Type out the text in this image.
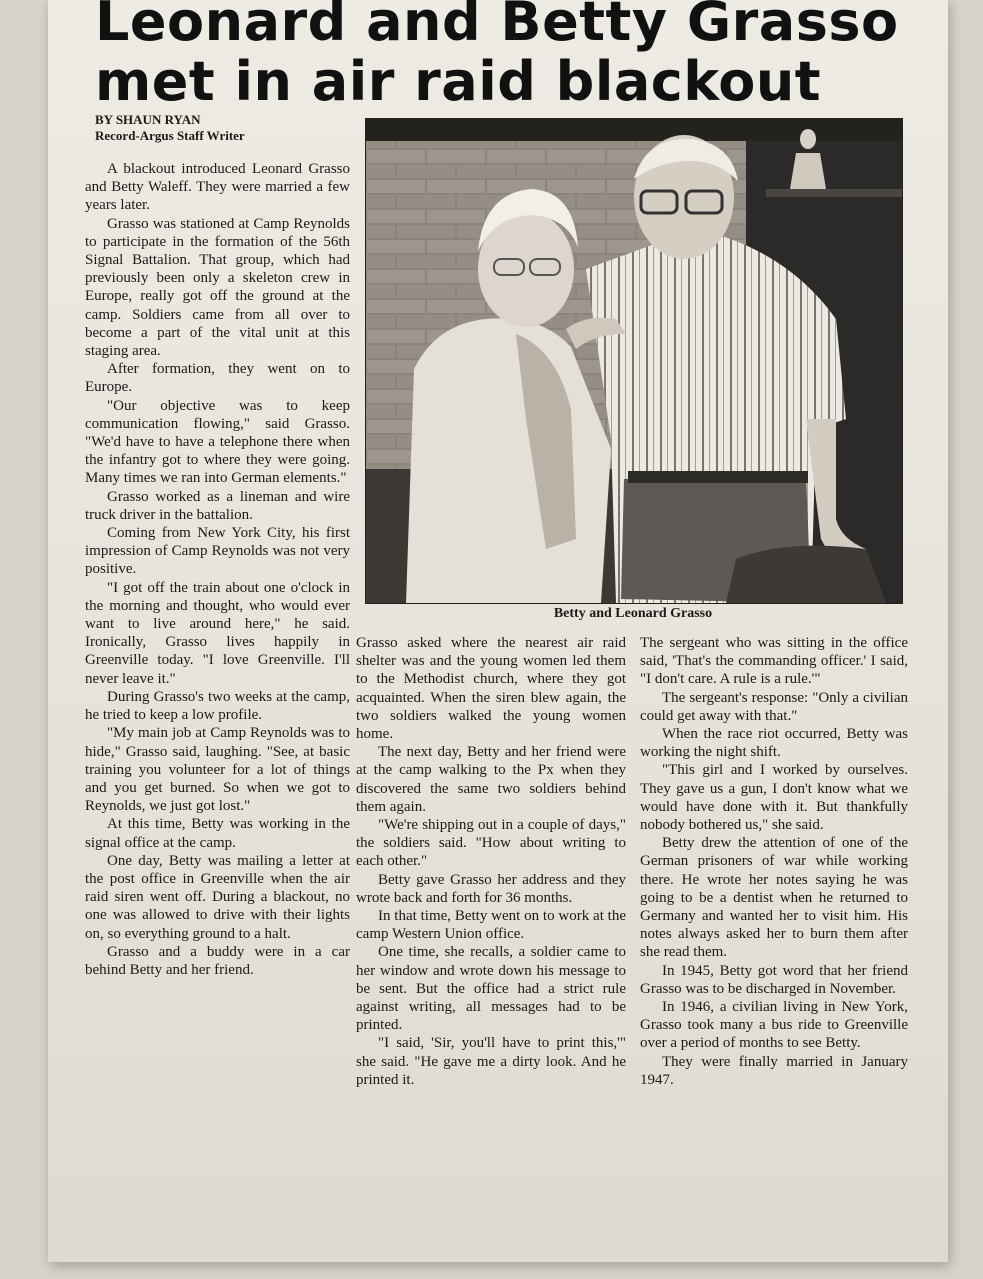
Leonard and Betty Grasso
met in air raid blackout
BY SHAUN RYAN
Record-Argus Staff Writer
Betty and Leonard Grasso

A blackout introduced Leonard Grasso and Betty Waleff. They were married a few years later.

Grasso was stationed at Camp Reynolds to participate in the formation of the 56th Signal Battalion. That group, which had previously been only a skeleton crew in Europe, really got off the ground at the camp. Soldiers came from all over to become a part of the vital unit at this staging area.

After formation, they went on to Europe.

"Our objective was to keep communication flowing," said Grasso. "We'd have to have a telephone there when the infantry got to where they were going. Many times we ran into German elements."

Grasso worked as a lineman and wire truck driver in the battalion.

Coming from New York City, his first impression of Camp Reynolds was not very positive.

"I got off the train about one o'clock in the morning and thought, who would ever want to live around here," he said. Ironically, Grasso lives happily in Greenville today. "I love Greenville. I'll never leave it."

During Grasso's two weeks at the camp, he tried to keep a low profile.

"My main job at Camp Reynolds was to hide," Grasso said, laughing. "See, at basic training you volunteer for a lot of things and you get burned. So when we got to Reynolds, we just got lost."

At this time, Betty was working in the signal office at the camp.

One day, Betty was mailing a letter at the post office in Greenville when the air raid siren went off. During a blackout, no one was allowed to drive with their lights on, so everything ground to a halt.

Grasso and a buddy were in a car behind Betty and her friend.

Grasso asked where the nearest air raid shelter was and the young women led them to the Methodist church, where they got acquainted. When the siren blew again, the two soldiers walked the young women home.

The next day, Betty and her friend were at the camp walking to the Px when they discovered the same two soldiers behind them again.

"We're shipping out in a couple of days," the soldiers said. "How about writing to each other."

Betty gave Grasso her address and they wrote back and forth for 36 months.

In that time, Betty went on to work at the camp Western Union office.

One time, she recalls, a soldier came to her window and wrote down his message to be sent. But the office had a strict rule against writing, all messages had to be printed.

"I said, 'Sir, you'll have to print this,'" she said. "He gave me a dirty look. And he printed it.

The sergeant who was sitting in the office said, 'That's the commanding officer.' I said, "I don't care. A rule is a rule.'"

The sergeant's response: "Only a civilian could get away with that."

When the race riot occurred, Betty was working the night shift.

"This girl and I worked by ourselves. They gave us a gun, I don't know what we would have done with it. But thankfully nobody bothered us," she said.

Betty drew the attention of one of the German prisoners of war while working there. He wrote her notes saying he was going to be a dentist when he returned to Germany and wanted her to visit him. His notes always asked her to burn them after she read them.

In 1945, Betty got word that her friend Grasso was to be discharged in November.

In 1946, a civilian living in New York, Grasso took many a bus ride to Greenville over a period of months to see Betty.

They were finally married in January 1947.
